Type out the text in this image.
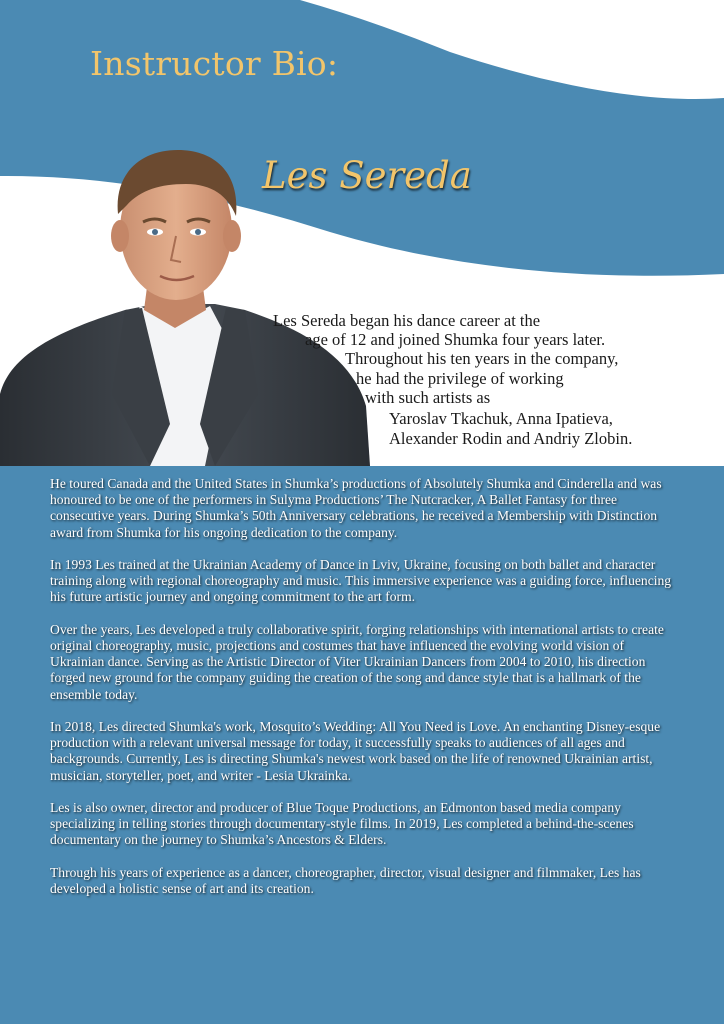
Instructor Bio:
Les Sereda

Les Sereda began his dance career at the

age of 12 and joined Shumka four years later.

Throughout his ten years in the company,

he had the privilege of working

with such artists as

Yaroslav Tkachuk, Anna Ipatieva,

Alexander Rodin and Andriy Zlobin.

He toured Canada and the United States in Shumka’s productions of Absolutely Shumka and Cinderella and was honoured to be one of the performers in Sulyma Productions’ The Nutcracker, A Ballet Fantasy for three consecutive years. During Shumka’s 50th Anniversary celebrations, he received a Membership with Distinction award from Shumka for his ongoing dedication to the company.

In 1993 Les trained at the Ukrainian Academy of Dance in Lviv, Ukraine, focusing on both ballet and character training along with regional choreography and music. This immersive experience was a guiding force, influencing his future artistic journey and ongoing commitment to the art form.

Over the years, Les developed a truly collaborative spirit, forging relationships with international artists to create original choreography, music, projections and costumes that have influenced the evolving world vision of Ukrainian dance. Serving as the Artistic Director of Viter Ukrainian Dancers from 2004 to 2010, his direction forged new ground for the company guiding the creation of the song and dance style that is a hallmark of the ensemble today.

In 2018, Les directed Shumka's work, Mosquito’s Wedding: All You Need is Love. An enchanting Disney-esque production with a relevant universal message for today, it successfully speaks to audiences of all ages and backgrounds. Currently, Les is directing Shumka's newest work based on the life of renowned Ukrainian artist, musician, storyteller, poet, and writer - Lesia Ukrainka.

Les is also owner, director and producer of Blue Toque Productions, an Edmonton based media company specializing in telling stories through documentary-style films. In 2019, Les completed a behind-the-scenes documentary on the journey to Shumka’s Ancestors & Elders.

Through his years of experience as a dancer, choreographer, director, visual designer and filmmaker, Les has developed a holistic sense of art and its creation.
